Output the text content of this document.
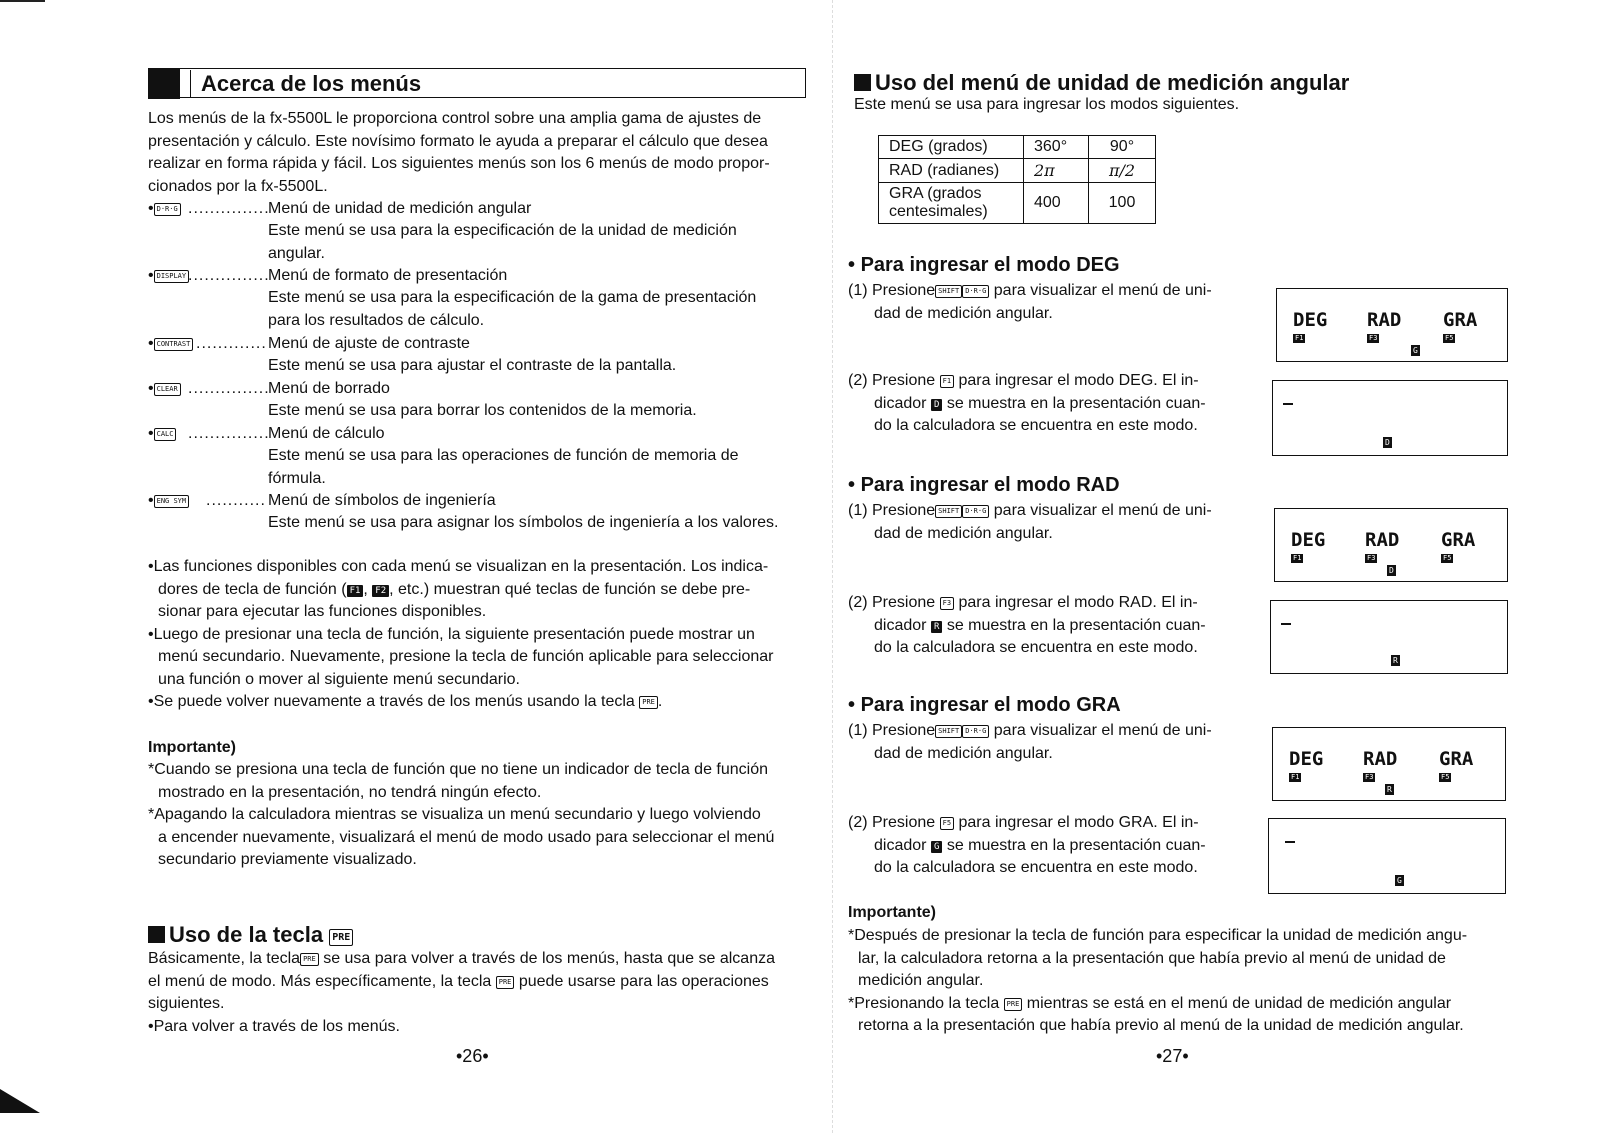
Acerca de los menús
Los menús de la fx-5500L le proporciona control sobre una amplia gama de ajustes de
presentación y cálculo. Este novísimo formato le ayuda a preparar el cálculo que desea
realizar en forma rápida y fácil. Los siguientes menús son los 6 menús de modo propor-
cionados por la fx-5500L.
• D·R·G ...............
Menú de unidad de medición angular
Este menú se usa para la especificación de la unidad de medición
angular.
• DISPLAY ...............
Menú de formato de presentación
Este menú se usa para la especificación de la gama de presentación
para los resultados de cálculo.
• CONTRAST ............. Menú de ajuste de contraste
Este menú se usa para ajustar el contraste de la pantalla.
• CLEAR ...............
Menú de borrado
Este menú se usa para borrar los contenidos de la memoria.
• CALC ...............
Menú de cálculo
Este menú se usa para las operaciones de función de memoria de
fórmula.
• ENG SYM ........... Menú de símbolos de ingeniería
Este menú se usa para asignar los símbolos de ingeniería a los valores.
•Las funciones disponibles con cada menú se visualizan en la presentación. Los indica-
dores de tecla de función ( F1 , F2 , etc.) muestran qué teclas de función se debe pre-
sionar para ejecutar las funciones disponibles.
•Luego de presionar una tecla de función, la siguiente presentación puede mostrar un
menú secundario. Nuevamente, presione la tecla de función aplicable para seleccionar
una función o mover al siguiente menú secundario.
•Se puede volver nuevamente a través de los menús usando la tecla PRE .
Importante)
*Cuando se presiona una tecla de función que no tiene un indicador de tecla de función
mostrado en la presentación, no tendrá ningún efecto.
*Apagando la calculadora mientras se visualiza un menú secundario y luego volviendo
a encender nuevamente, visualizará el menú de modo usado para seleccionar el menú
secundario previamente visualizado.
Uso de la tecla PRE
Básicamente, la tecla PRE se usa para volver a través de los menús, hasta que se alcanza
el menú de modo. Más específicamente, la tecla PRE puede usarse para las operaciones
siguientes.
•Para volver a través de los menús.
•26•
Uso del menú de unidad de medición angular
Este menú se usa para ingresar los modos siguientes.
DEG (grados)	360°	90°
RAD (radianes)	2π	π/2
GRA (grados
centesimales)	400	100
• Para ingresar el modo DEG
(1) Presione SHIFT D·R·G para visualizar el menú de uni-
dad de medición angular.
(2) Presione F1 para ingresar el modo DEG. El in-
dicador D se muestra en la presentación cuan-
do la calculadora se encuentra en este modo.
• Para ingresar el modo RAD
(1) Presione SHIFT D·R·G para visualizar el menú de uni-
dad de medición angular.
(2) Presione F3 para ingresar el modo RAD. El in-
dicador R se muestra en la presentación cuan-
do la calculadora se encuentra en este modo.
• Para ingresar el modo GRA
(1) Presione SHIFT D·R·G para visualizar el menú de uni-
dad de medición angular.
(2) Presione F5 para ingresar el modo GRA. El in-
dicador G se muestra en la presentación cuan-
do la calculadora se encuentra en este modo.
DEG RAD GRA
F1	F3	F5
G
D
DEG RAD GRA
F1	F3	F5
D
R
DEG RAD GRA
F1	F3	F5
R
G
Importante)
*Después de presionar la tecla de función para especificar la unidad de medición angu-
lar, la calculadora retorna a la presentación que había previo al menú de unidad de
medición angular.
*Presionando la tecla PRE mientras se está en el menú de unidad de medición angular
retorna a la presentación que había previo al menú de la unidad de medición angular.
•27•
